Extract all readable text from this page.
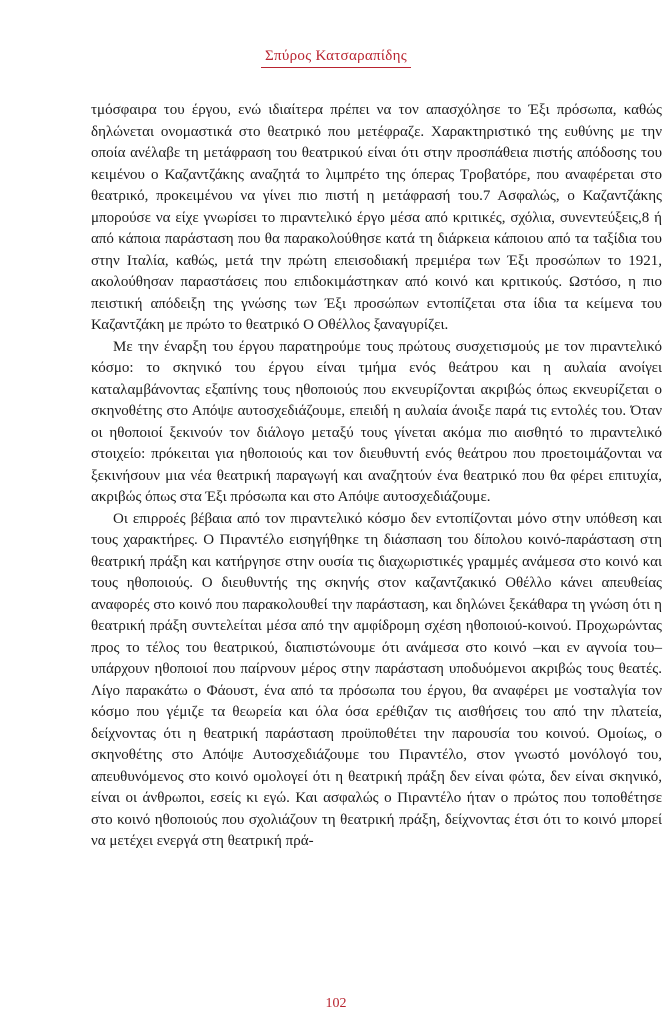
Σπύρος Κατσαραπίδης

τμόσφαιρα του έργου, ενώ ιδιαίτερα πρέπει να τον απασχόλησε το Έξι πρόσωπα, καθώς δηλώνεται ονομαστικά στο θεατρικό που μετέφραζε. Χαρακτηριστικό της ευθύνης με την οποία ανέλαβε τη μετάφραση του θεατρικού είναι ότι στην προσπάθεια πιστής απόδοσης του κειμένου ο Καζαντζάκης αναζητά το λιμπρέτο της όπερας Τροβατόρε, που αναφέρεται στο θεατρικό, προκειμένου να γίνει πιο πιστή η μετάφρασή του.7 Ασφαλώς, ο Καζαντζάκης μπορούσε να είχε γνωρίσει το πιραντελικό έργο μέσα από κριτικές, σχόλια, συνεντεύξεις,8 ή από κάποια παράσταση που θα παρακολούθησε κατά τη διάρκεια κάποιου από τα ταξίδια του στην Ιταλία, καθώς, μετά την πρώτη επεισοδιακή πρεμιέρα των Έξι προσώπων το 1921, ακολούθησαν παραστάσεις που επιδοκιμάστηκαν από κοινό και κριτικούς. Ωστόσο, η πιο πειστική απόδειξη της γνώσης των Έξι προσώπων εντοπίζεται στα ίδια τα κείμενα του Καζαντζάκη με πρώτο το θεατρικό Ο Οθέλλος ξαναγυρίζει.

Με την έναρξη του έργου παρατηρούμε τους πρώτους συσχετισμούς με τον πιραντελικό κόσμο: το σκηνικό του έργου είναι τμήμα ενός θεάτρου και η αυλαία ανοίγει καταλαμβάνοντας εξαπίνης τους ηθοποιούς που εκνευρίζονται ακριβώς όπως εκνευρίζεται ο σκηνοθέτης στο Απόψε αυτοσχεδιάζουμε, επειδή η αυλαία άνοιξε παρά τις εντολές του. Όταν οι ηθοποιοί ξεκινούν τον διάλογο μεταξύ τους γίνεται ακόμα πιο αισθητό το πιραντελικό στοιχείο: πρόκειται για ηθοποιούς και τον διευθυντή ενός θεάτρου που προετοιμάζονται να ξεκινήσουν μια νέα θεατρική παραγωγή και αναζητούν ένα θεατρικό που θα φέρει επιτυχία, ακριβώς όπως στα Έξι πρόσωπα και στο Απόψε αυτοσχεδιάζουμε.

Οι επιρροές βέβαια από τον πιραντελικό κόσμο δεν εντοπίζονται μόνο στην υπόθεση και τους χαρακτήρες. Ο Πιραντέλο εισηγήθηκε τη διάσπαση του δίπολου κοινό-παράσταση στη θεατρική πράξη και κατήργησε στην ουσία τις διαχωριστικές γραμμές ανάμεσα στο κοινό και τους ηθοποιούς. Ο διευθυντής της σκηνής στον καζαντζακικό Οθέλλο κάνει απευθείας αναφορές στο κοινό που παρακολουθεί την παράσταση, και δηλώνει ξεκάθαρα τη γνώση ότι η θεατρική πράξη συντελείται μέσα από την αμφίδρομη σχέση ηθοποιού-κοινού. Προχωρώντας προς το τέλος του θεατρικού, διαπιστώνουμε ότι ανάμεσα στο κοινό –και εν αγνοία του– υπάρχουν ηθοποιοί που παίρνουν μέρος στην παράσταση υποδυόμενοι ακριβώς τους θεατές. Λίγο παρακάτω ο Φάουστ, ένα από τα πρόσωπα του έργου, θα αναφέρει με νοσταλγία τον κόσμο που γέμιζε τα θεωρεία και όλα όσα ερέθιζαν τις αισθήσεις του από την πλατεία, δείχνοντας ότι η θεατρική παράσταση προϋποθέτει την παρουσία του κοινού. Ομοίως, ο σκηνοθέτης στο Απόψε Αυτοσχεδιάζουμε του Πιραντέλο, στον γνωστό μονόλογό του, απευθυνόμενος στο κοινό ομολογεί ότι η θεατρική πράξη δεν είναι φώτα, δεν είναι σκηνικό, είναι οι άνθρωποι, εσείς κι εγώ. Και ασφαλώς ο Πιραντέλο ήταν ο πρώτος που τοποθέτησε στο κοινό ηθοποιούς που σχολιάζουν τη θεατρική πράξη, δείχνοντας έτσι ότι το κοινό μπορεί να μετέχει ενεργά στη θεατρική πρά-

102
